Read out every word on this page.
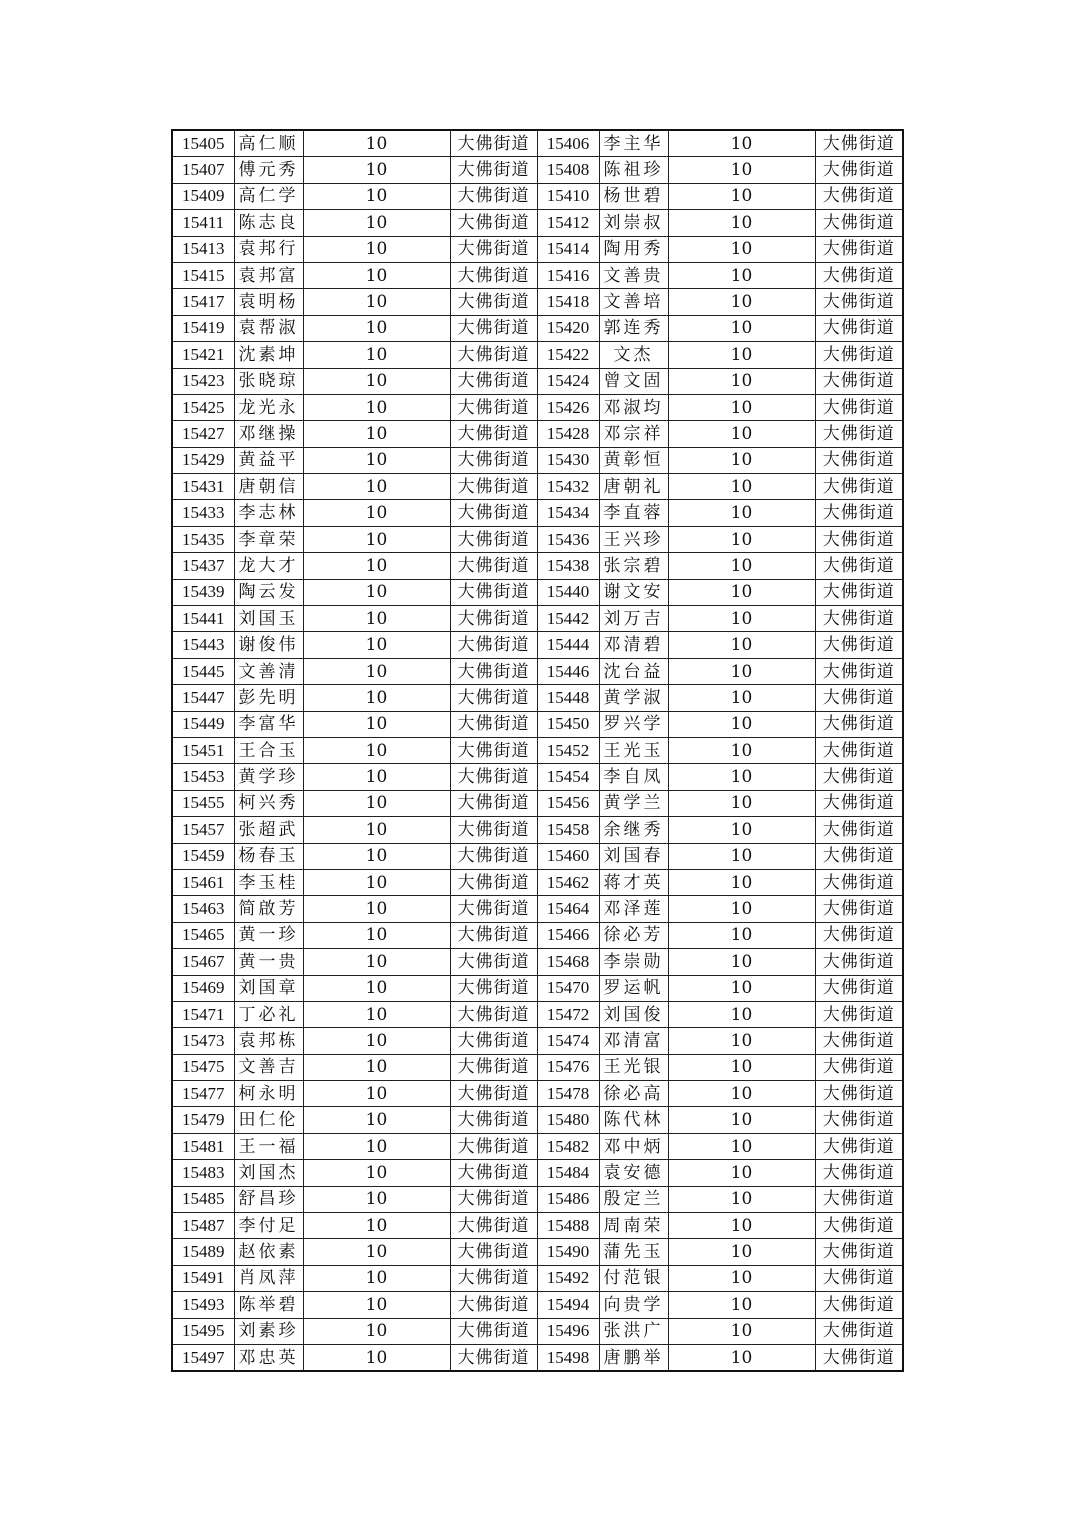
15405	高仁顺	10	大佛街道	15406	李主华	10	大佛街道
15407	傅元秀	10	大佛街道	15408	陈祖珍	10	大佛街道
15409	高仁学	10	大佛街道	15410	杨世碧	10	大佛街道
15411	陈志良	10	大佛街道	15412	刘崇叔	10	大佛街道
15413	袁邦行	10	大佛街道	15414	陶用秀	10	大佛街道
15415	袁邦富	10	大佛街道	15416	文善贵	10	大佛街道
15417	袁明杨	10	大佛街道	15418	文善培	10	大佛街道
15419	袁帮淑	10	大佛街道	15420	郭连秀	10	大佛街道
15421	沈素坤	10	大佛街道	15422	文杰	10	大佛街道
15423	张晓琼	10	大佛街道	15424	曾文固	10	大佛街道
15425	龙光永	10	大佛街道	15426	邓淑均	10	大佛街道
15427	邓继操	10	大佛街道	15428	邓宗祥	10	大佛街道
15429	黄益平	10	大佛街道	15430	黄彰恒	10	大佛街道
15431	唐朝信	10	大佛街道	15432	唐朝礼	10	大佛街道
15433	李志林	10	大佛街道	15434	李直蓉	10	大佛街道
15435	李章荣	10	大佛街道	15436	王兴珍	10	大佛街道
15437	龙大才	10	大佛街道	15438	张宗碧	10	大佛街道
15439	陶云发	10	大佛街道	15440	谢文安	10	大佛街道
15441	刘国玉	10	大佛街道	15442	刘万吉	10	大佛街道
15443	谢俊伟	10	大佛街道	15444	邓清碧	10	大佛街道
15445	文善清	10	大佛街道	15446	沈台益	10	大佛街道
15447	彭先明	10	大佛街道	15448	黄学淑	10	大佛街道
15449	李富华	10	大佛街道	15450	罗兴学	10	大佛街道
15451	王合玉	10	大佛街道	15452	王光玉	10	大佛街道
15453	黄学珍	10	大佛街道	15454	李自凤	10	大佛街道
15455	柯兴秀	10	大佛街道	15456	黄学兰	10	大佛街道
15457	张超武	10	大佛街道	15458	余继秀	10	大佛街道
15459	杨春玉	10	大佛街道	15460	刘国春	10	大佛街道
15461	李玉桂	10	大佛街道	15462	蒋才英	10	大佛街道
15463	简啟芳	10	大佛街道	15464	邓泽莲	10	大佛街道
15465	黄一珍	10	大佛街道	15466	徐必芳	10	大佛街道
15467	黄一贵	10	大佛街道	15468	李崇勋	10	大佛街道
15469	刘国章	10	大佛街道	15470	罗运帆	10	大佛街道
15471	丁必礼	10	大佛街道	15472	刘国俊	10	大佛街道
15473	袁邦栋	10	大佛街道	15474	邓清富	10	大佛街道
15475	文善吉	10	大佛街道	15476	王光银	10	大佛街道
15477	柯永明	10	大佛街道	15478	徐必高	10	大佛街道
15479	田仁伦	10	大佛街道	15480	陈代林	10	大佛街道
15481	王一福	10	大佛街道	15482	邓中炳	10	大佛街道
15483	刘国杰	10	大佛街道	15484	袁安德	10	大佛街道
15485	舒昌珍	10	大佛街道	15486	殷定兰	10	大佛街道
15487	李付足	10	大佛街道	15488	周南荣	10	大佛街道
15489	赵依素	10	大佛街道	15490	蒲先玉	10	大佛街道
15491	肖凤萍	10	大佛街道	15492	付范银	10	大佛街道
15493	陈举碧	10	大佛街道	15494	向贵学	10	大佛街道
15495	刘素珍	10	大佛街道	15496	张洪广	10	大佛街道
15497	邓忠英	10	大佛街道	15498	唐鹏举	10	大佛街道
